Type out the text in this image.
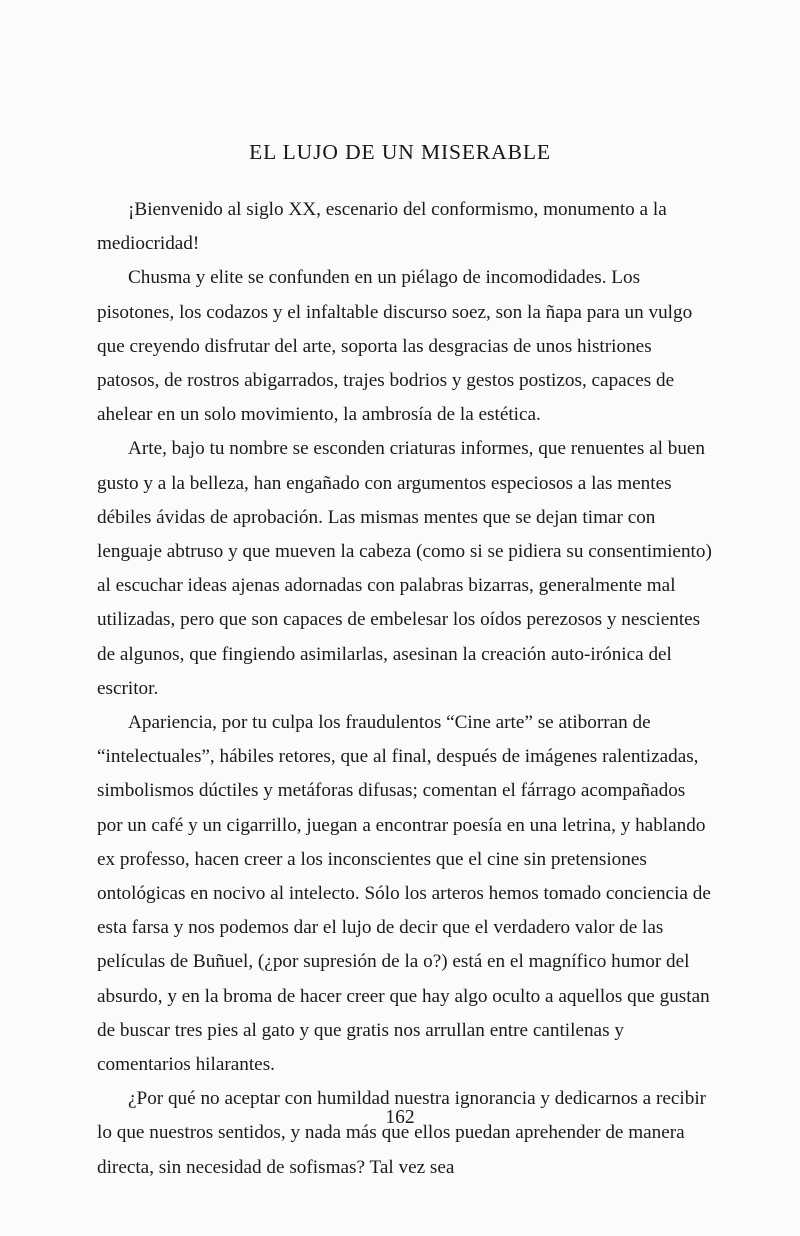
EL LUJO DE UN MISERABLE

¡Bienvenido al siglo XX, escenario del conformismo, monumento a la mediocridad!

Chusma y elite se confunden en un piélago de incomodidades. Los pisotones, los codazos y el infaltable discurso soez, son la ñapa para un vulgo que creyendo disfrutar del arte, soporta las desgracias de unos histriones patosos, de rostros abigarrados, trajes bodrios y gestos postizos, capaces de ahelear en un solo movimiento, la ambrosía de la estética.

Arte, bajo tu nombre se esconden criaturas informes, que renuentes al buen gusto y a la belleza, han engañado con argumentos especiosos a las mentes débiles ávidas de aprobación. Las mismas mentes que se dejan timar con lenguaje abtruso y que mueven la cabeza (como si se pidiera su consentimiento) al escuchar ideas ajenas adornadas con palabras bizarras, generalmente mal utilizadas, pero que son capaces de embelesar los oídos perezosos y nescientes de algunos, que fingiendo asimilarlas, asesinan la creación auto-irónica del escritor.

Apariencia, por tu culpa los fraudulentos “Cine arte” se atiborran de “intelectuales”, hábiles retores, que al final, después de imágenes ralentizadas, simbolismos dúctiles y metáforas difusas; comentan el fárrago acompañados por un café y un cigarrillo, juegan a encontrar poesía en una letrina, y hablando ex professo, hacen creer a los inconscientes que el cine sin pretensiones ontológicas en nocivo al intelecto. Sólo los arteros hemos tomado conciencia de esta farsa y nos podemos dar el lujo de decir que el verdadero valor de las películas de Buñuel, (¿por supresión de la o?) está en el magnífico humor del absurdo, y en la broma de hacer creer que hay algo oculto a aquellos que gustan de buscar tres pies al gato y que gratis nos arrullan entre cantilenas y comentarios hilarantes.

¿Por qué no aceptar con humildad nuestra ignorancia y dedicarnos a recibir lo que nuestros sentidos, y nada más que ellos puedan aprehender de manera directa, sin necesidad de sofismas? Tal vez sea

162
